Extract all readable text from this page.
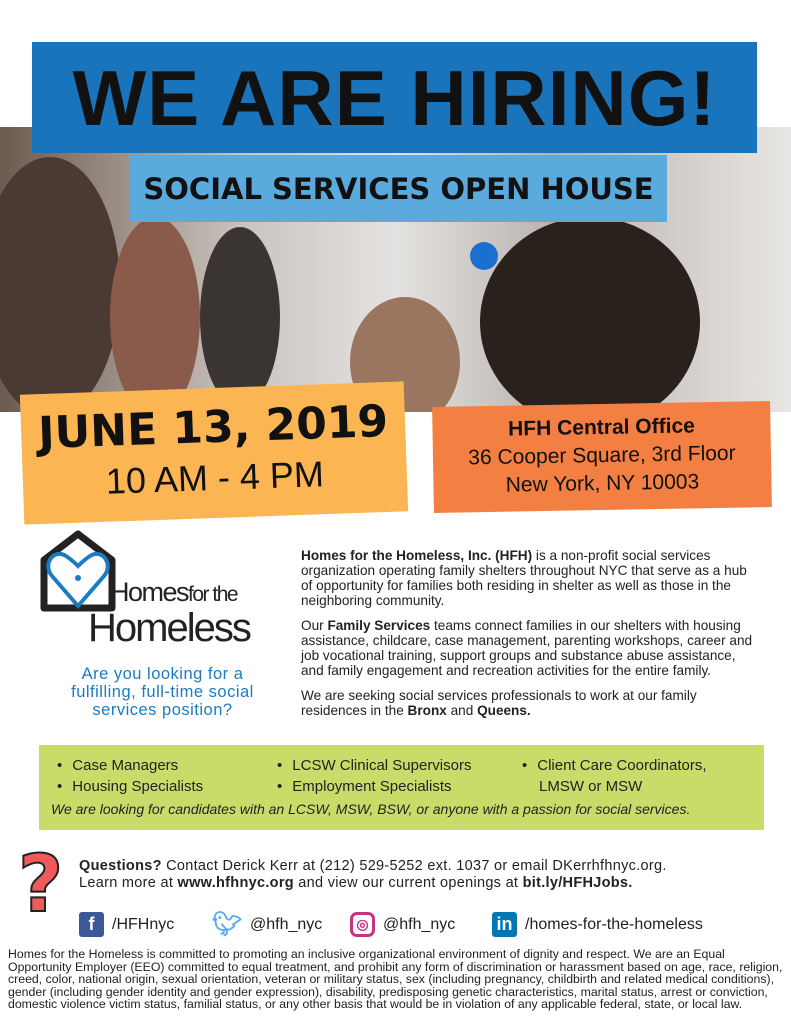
WE ARE HIRING!
SOCIAL SERVICES OPEN HOUSE
JUNE 13, 2019
10 AM - 4 PM
HFH Central Office
36 Cooper Square, 3rd Floor
New York, NY 10003
Homesfor the
Homeless
Are you looking for a fulfilling, full-time social services position?

Homes for the Homeless, Inc. (HFH) is a non-profit social services organization operating family shelters throughout NYC that serve as a hub of opportunity for families both residing in shelter as well as those in the neighboring community.

Our Family Services teams connect families in our shelters with housing assistance, childcare, case management, parenting workshops, career and job vocational training, support groups and substance abuse assistance, and family engagement and recreation activities for the entire family.

We are seeking social services professionals to work at our family residences in the Bronx and Queens.

• Case Managers
• Housing Specialists
• LCSW Clinical Supervisors
• Employment Specialists
• Client Care Coordinators,
LMSW or MSW
We are looking for candidates with an LCSW, MSW, BSW, or anyone with a passion for social services.
? Questions? Contact Derick Kerr at (212) 529-5252 ext. 1037 or email DKerrhfhnyc.org.
Learn more at www.hfhnyc.org and view our current openings at bit.ly/HFHJobs.
f	/HFHnyc 🐦︎ @hfh_nyc	◎ @hfh_nyc in /homes-for-the-homeless
Homes for the Homeless is committed to promoting an inclusive organizational environment of dignity and respect. We are an Equal Opportunity Employer (EEO) committed to equal treatment, and prohibit any form of discrimination or harassment based on age, race, religion, creed, color, national origin, sexual orientation, veteran or military status, sex (including pregnancy, childbirth and related medical conditions), gender (including gender identity and gender expression), disability, predisposing genetic characteristics, marital status, arrest or conviction, domestic violence victim status, familial status, or any other basis that would be in violation of any applicable federal, state, or local law.
